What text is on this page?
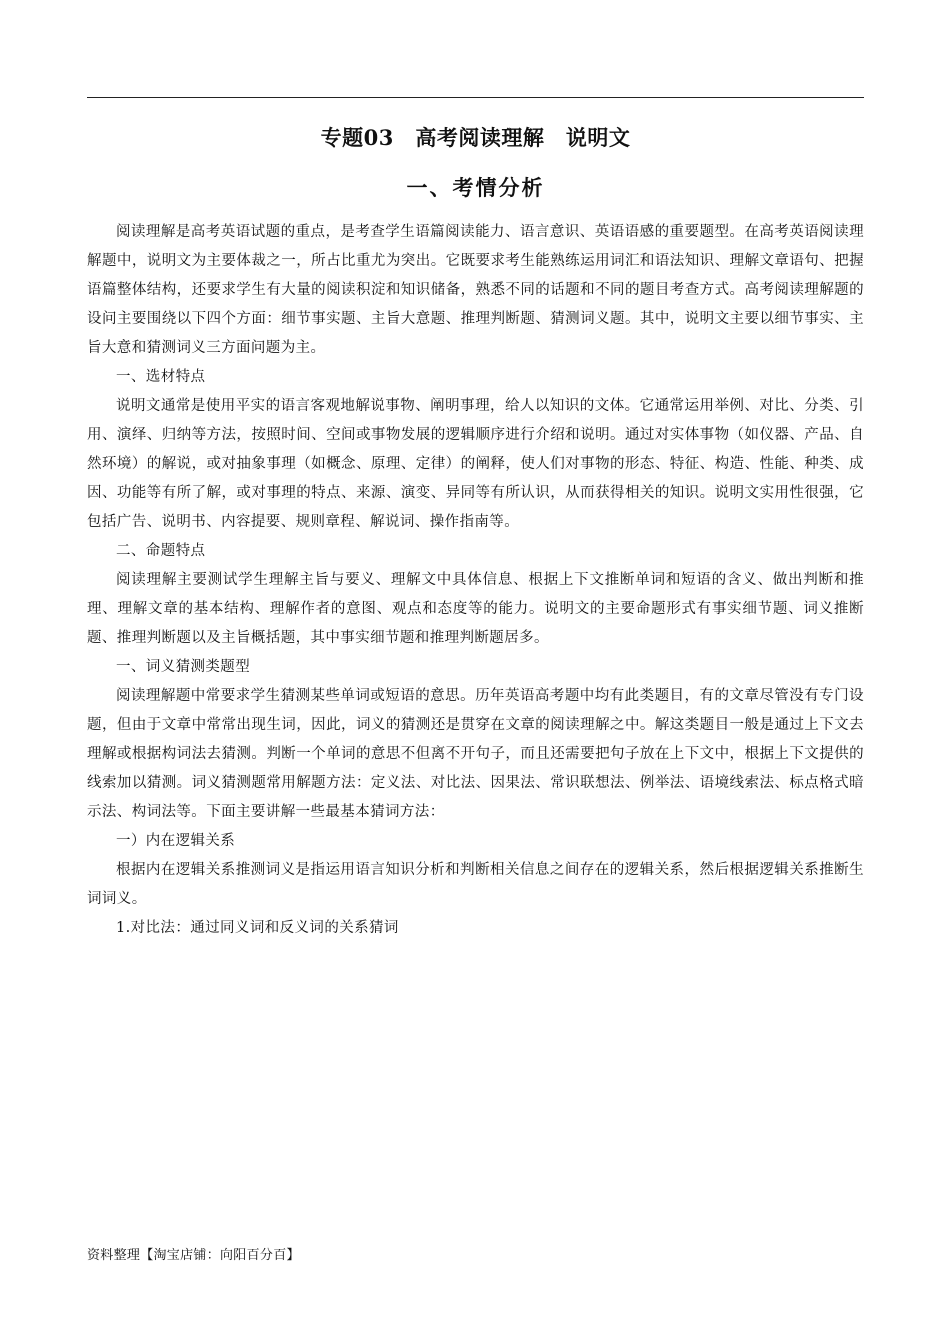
专题03　高考阅读理解　说明文
一、考情分析

阅读理解是高考英语试题的重点，是考查学生语篇阅读能力、语言意识、英语语感的重要题型。在高考英语阅读理解题中，说明文为主要体裁之一，所占比重尤为突出。它既要求考生能熟练运用词汇和语法知识、理解文章语句、把握语篇整体结构，还要求学生有大量的阅读积淀和知识储备，熟悉不同的话题和不同的题目考查方式。高考阅读理解题的设问主要围绕以下四个方面：细节事实题、主旨大意题、推理判断题、猜测词义题。其中，说明文主要以细节事实、主旨大意和猜测词义三方面问题为主。

一、选材特点

说明文通常是使用平实的语言客观地解说事物、阐明事理，给人以知识的文体。它通常运用举例、对比、分类、引用、演绎、归纳等方法，按照时间、空间或事物发展的逻辑顺序进行介绍和说明。通过对实体事物（如仪器、产品、自然环境）的解说，或对抽象事理（如概念、原理、定律）的阐释，使人们对事物的形态、特征、构造、性能、种类、成因、功能等有所了解，或对事理的特点、来源、演变、异同等有所认识，从而获得相关的知识。说明文实用性很强，它包括广告、说明书、内容提要、规则章程、解说词、操作指南等。

二、命题特点

阅读理解主要测试学生理解主旨与要义、理解文中具体信息、根据上下文推断单词和短语的含义、做出判断和推理、理解文章的基本结构、理解作者的意图、观点和态度等的能力。说明文的主要命题形式有事实细节题、词义推断题、推理判断题以及主旨概括题，其中事实细节题和推理判断题居多。

一、词义猜测类题型

阅读理解题中常要求学生猜测某些单词或短语的意思。历年英语高考题中均有此类题目，有的文章尽管没有专门设题，但由于文章中常常出现生词，因此，词义的猜测还是贯穿在文章的阅读理解之中。解这类题目一般是通过上下文去理解或根据构词法去猜测。判断一个单词的意思不但离不开句子，而且还需要把句子放在上下文中，根据上下文提供的线索加以猜测。词义猜测题常用解题方法：定义法、对比法、因果法、常识联想法、例举法、语境线索法、标点格式暗示法、构词法等。下面主要讲解一些最基本猜词方法：

一）内在逻辑关系

根据内在逻辑关系推测词义是指运用语言知识分析和判断相关信息之间存在的逻辑关系，然后根据逻辑关系推断生词词义。

1.对比法：通过同义词和反义词的关系猜词

资料整理【淘宝店铺：向阳百分百】
